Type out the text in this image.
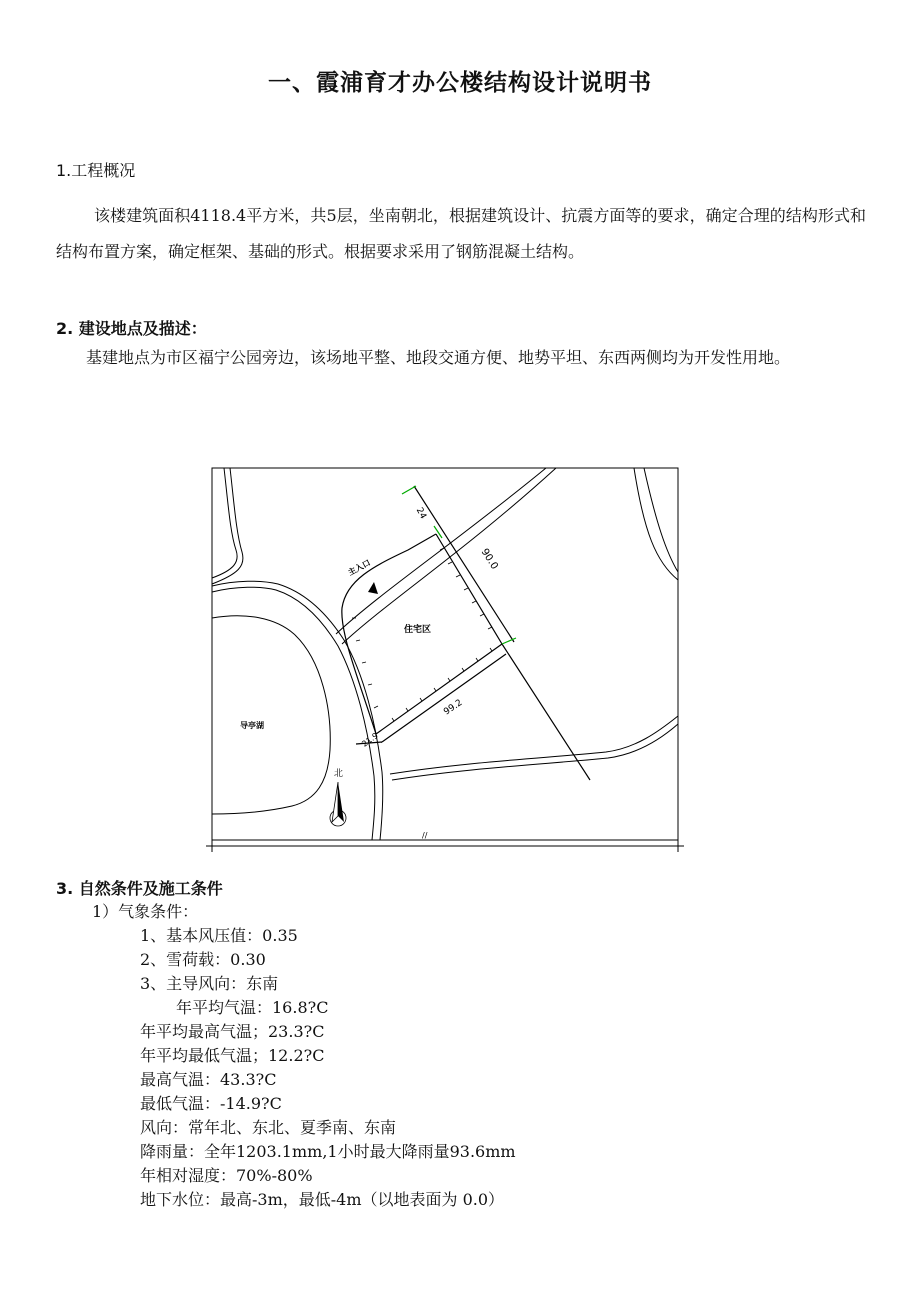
一、霞浦育才办公楼结构设计说明书
1.工程概况
该楼建筑面积4118.4平方米，共5层，坐南朝北，根据建筑设计、抗震方面等的要求，确定合理的结构形式和结构布置方案，确定框架、基础的形式。根据要求采用了钢筋混凝土结构。
2. 建设地点及描述：
基建地点为市区福宁公园旁边，该场地平整、地段交通方便、地势平坦、东西两侧均为开发性用地。
主入口
住宅区
导亭湖
24
90.0
99.2
21.9
北
//
3. 自然条件及施工条件
1）气象条件：
1、基本风压值：0.35
2、雪荷载：0.30
3、主导风向：东南
年平均气温：16.8?C
年平均最高气温；23.3?C
年平均最低气温；12.2?C
最高气温：43.3?C
最低气温：-14.9?C
风向：常年北、东北、夏季南、东南
降雨量：全年1203.1mm,1小时最大降雨量93.6mm
年相对湿度：70%-80%
地下水位：最高-3m，最低-4m（以地表面为 0.0）
